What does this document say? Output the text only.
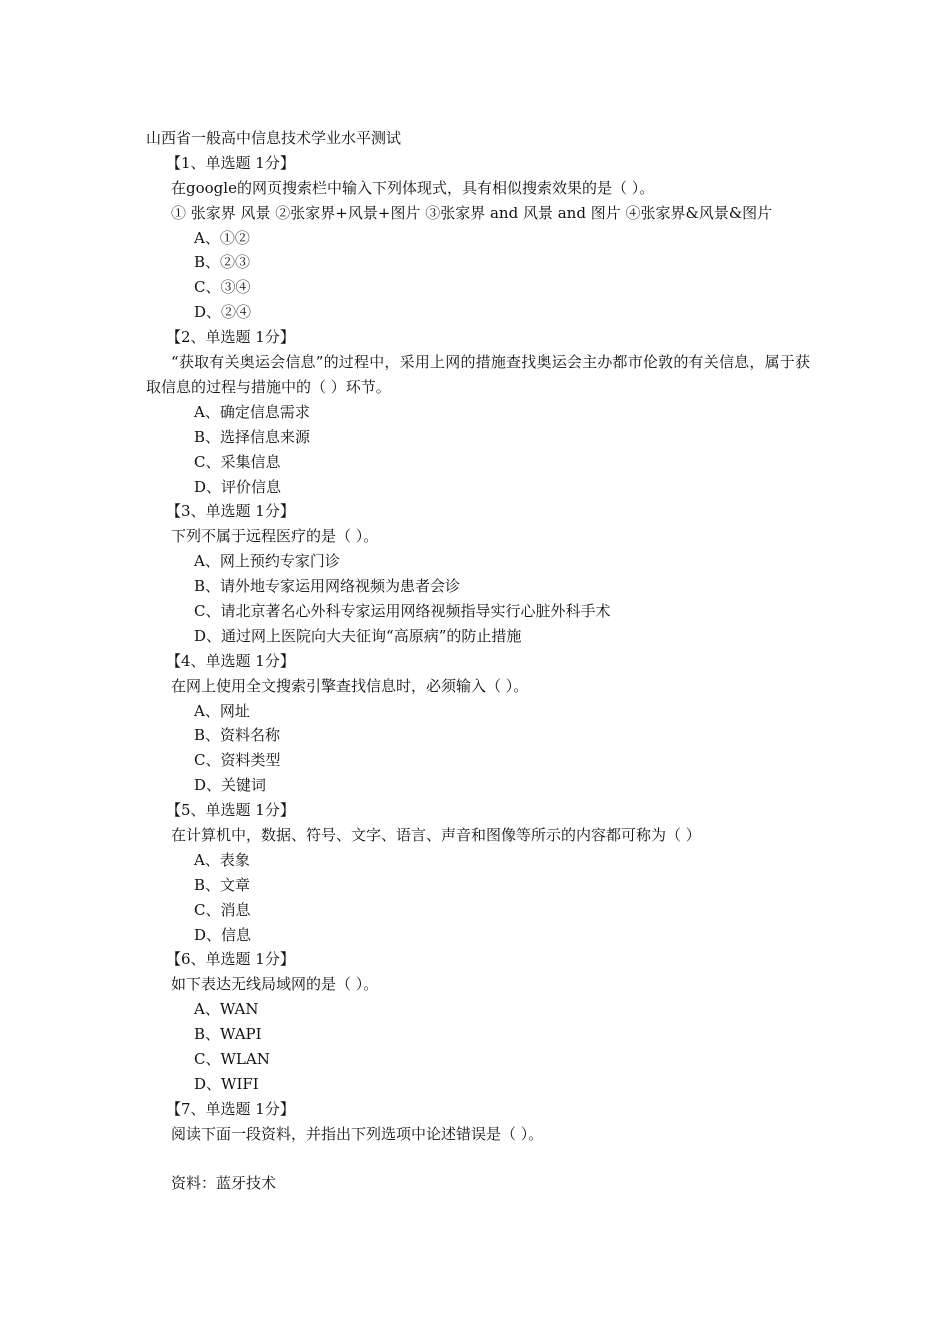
山西省一般高中信息技术学业水平测试
【1、单选题 1分】
在google的网页搜索栏中输入下列体现式，具有相似搜索效果的是（ ）。
① 张家界 风景 ②张家界+风景+图片 ③张家界 and 风景 and 图片 ④张家界&风景&图片
A、①②
B、②③
C、③④
D、②④
【2、单选题 1分】
“获取有关奥运会信息”的过程中，采用上网的措施查找奥运会主办都市伦敦的有关信息，属于获取信息的过程与措施中的（ ）环节。
A、确定信息需求
B、选择信息来源
C、采集信息
D、评价信息
【3、单选题 1分】
下列不属于远程医疗的是（ ）。
A、网上预约专家门诊
B、请外地专家运用网络视频为患者会诊
C、请北京著名心外科专家运用网络视频指导实行心脏外科手术
D、通过网上医院向大夫征询“高原病”的防止措施
【4、单选题 1分】
在网上使用全文搜索引擎查找信息时，必须输入（ ）。
A、网址
B、资料名称
C、资料类型
D、关键词
【5、单选题 1分】
在计算机中，数据、符号、文字、语言、声音和图像等所示的内容都可称为（ ）
A、表象
B、文章
C、消息
D、信息
【6、单选题 1分】
如下表达无线局域网的是（ ）。
A、WAN
B、WAPI
C、WLAN
D、WIFI
【7、单选题 1分】
阅读下面一段资料，并指出下列选项中论述错误是（ ）。
资料：蓝牙技术
